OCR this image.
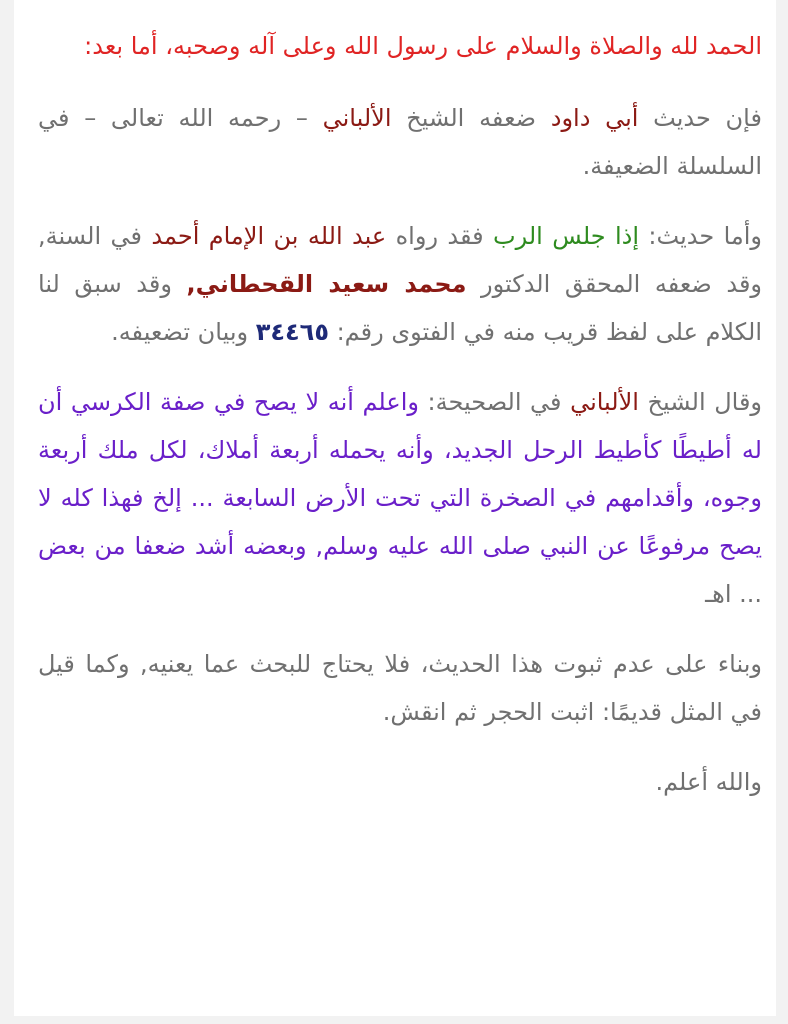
الحمد لله والصلاة والسلام على رسول الله وعلى آله وصحبه، أما بعد:

فإن حديث أبي داود ضعفه الشيخ الألباني – رحمه الله تعالى – في السلسلة الضعيفة.

وأما حديث: إذا جلس الرب فقد رواه عبد الله بن الإمام أحمد في السنة, وقد ضعفه المحقق الدكتور محمد سعيد القحطاني, وقد سبق لنا الكلام على لفظ قريب منه في الفتوى رقم: ٣٤٤٦٥ وبيان تضعيفه.

وقال الشيخ الألباني في الصحيحة: واعلم أنه لا يصح في صفة الكرسي أن له أطيطًا كأطيط الرحل الجديد، وأنه يحمله أربعة أملاك، لكل ملك أربعة وجوه، وأقدامهم في الصخرة التي تحت الأرض السابعة ... إلخ فهذا كله لا يصح مرفوعًا عن النبي صلى الله عليه وسلم, وبعضه أشد ضعفا من بعض ... اهـ

وبناء على عدم ثبوت هذا الحديث، فلا يحتاج للبحث عما يعنيه, وكما قيل في المثل قديمًا: اثبت الحجر ثم انقش.

والله أعلم.
